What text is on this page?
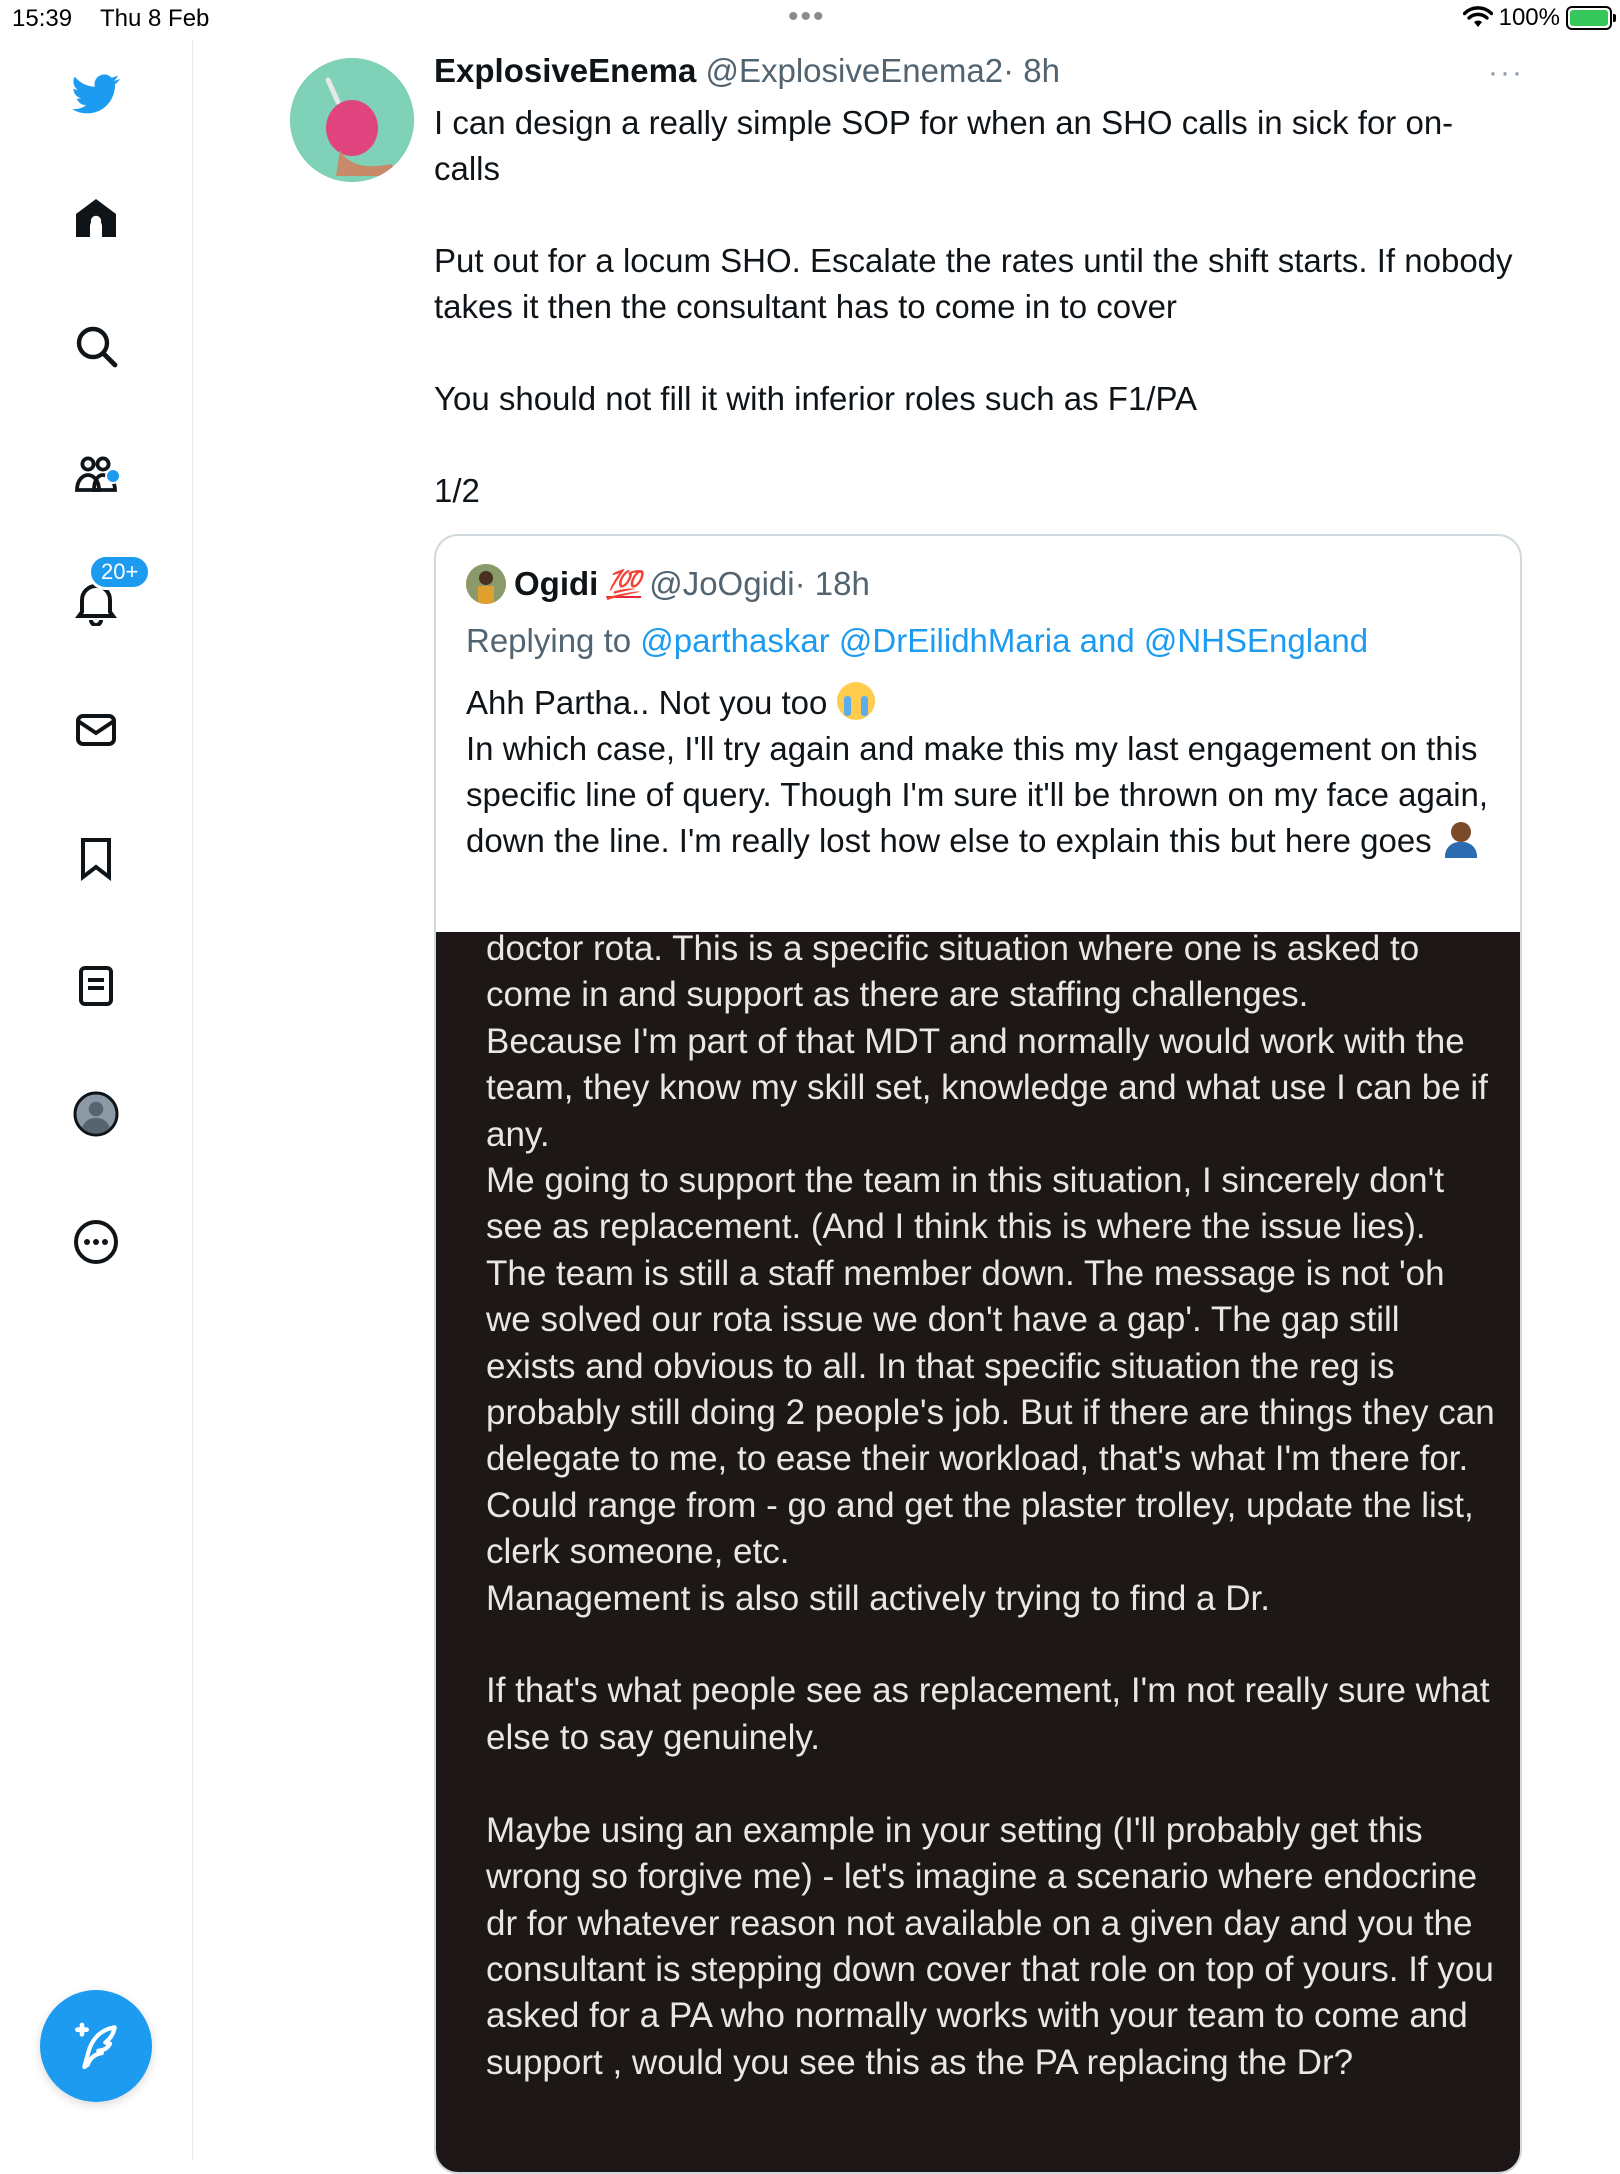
15:39 Thu 8 Feb	•••	100%
20+
ExplosiveEnema @ExplosiveEnema2· 8h	···

I can design a really simple SOP for when an SHO calls in sick for on-calls

Put out for a locum SHO. Escalate the rates until the shift starts. If nobody takes it then the consultant has to come in to cover

You should not fill it with inferior roles such as F1/PA

1/2

Ogidi 💯 @JoOgidi · 18h
Replying to @parthaskar @DrEilidhMaria and @NHSEngland

Ahh Partha.. Not you too

In which case, I'll try again and make this my last engagement on this specific line of query. Though I'm sure it'll be thrown on my face again, down the line. I'm really lost how else to explain this but here goes

doctor rota. This is a specific situation where one is asked to come in and support as there are staffing challenges.

Because I'm part of that MDT and normally would work with the team, they know my skill set, knowledge and what use I can be if any.

Me going to support the team in this situation, I sincerely don't see as replacement. (And I think this is where the issue lies).

The team is still a staff member down. The message is not 'oh we solved our rota issue we don't have a gap'. The gap still exists and obvious to all. In that specific situation the reg is probably still doing 2 people's job. But if there are things they can delegate to me, to ease their workload, that's what I'm there for. Could range from - go and get the plaster trolley, update the list, clerk someone, etc.

Management is also still actively trying to find a Dr.

If that's what people see as replacement, I'm not really sure what else to say genuinely.

Maybe using an example in your setting (I'll probably get this wrong so forgive me) - let's imagine a scenario where endocrine dr for whatever reason not available on a given day and you the consultant is stepping down cover that role on top of yours. If you asked for a PA who normally works with your team to come and support , would you see this as the PA replacing the Dr?
